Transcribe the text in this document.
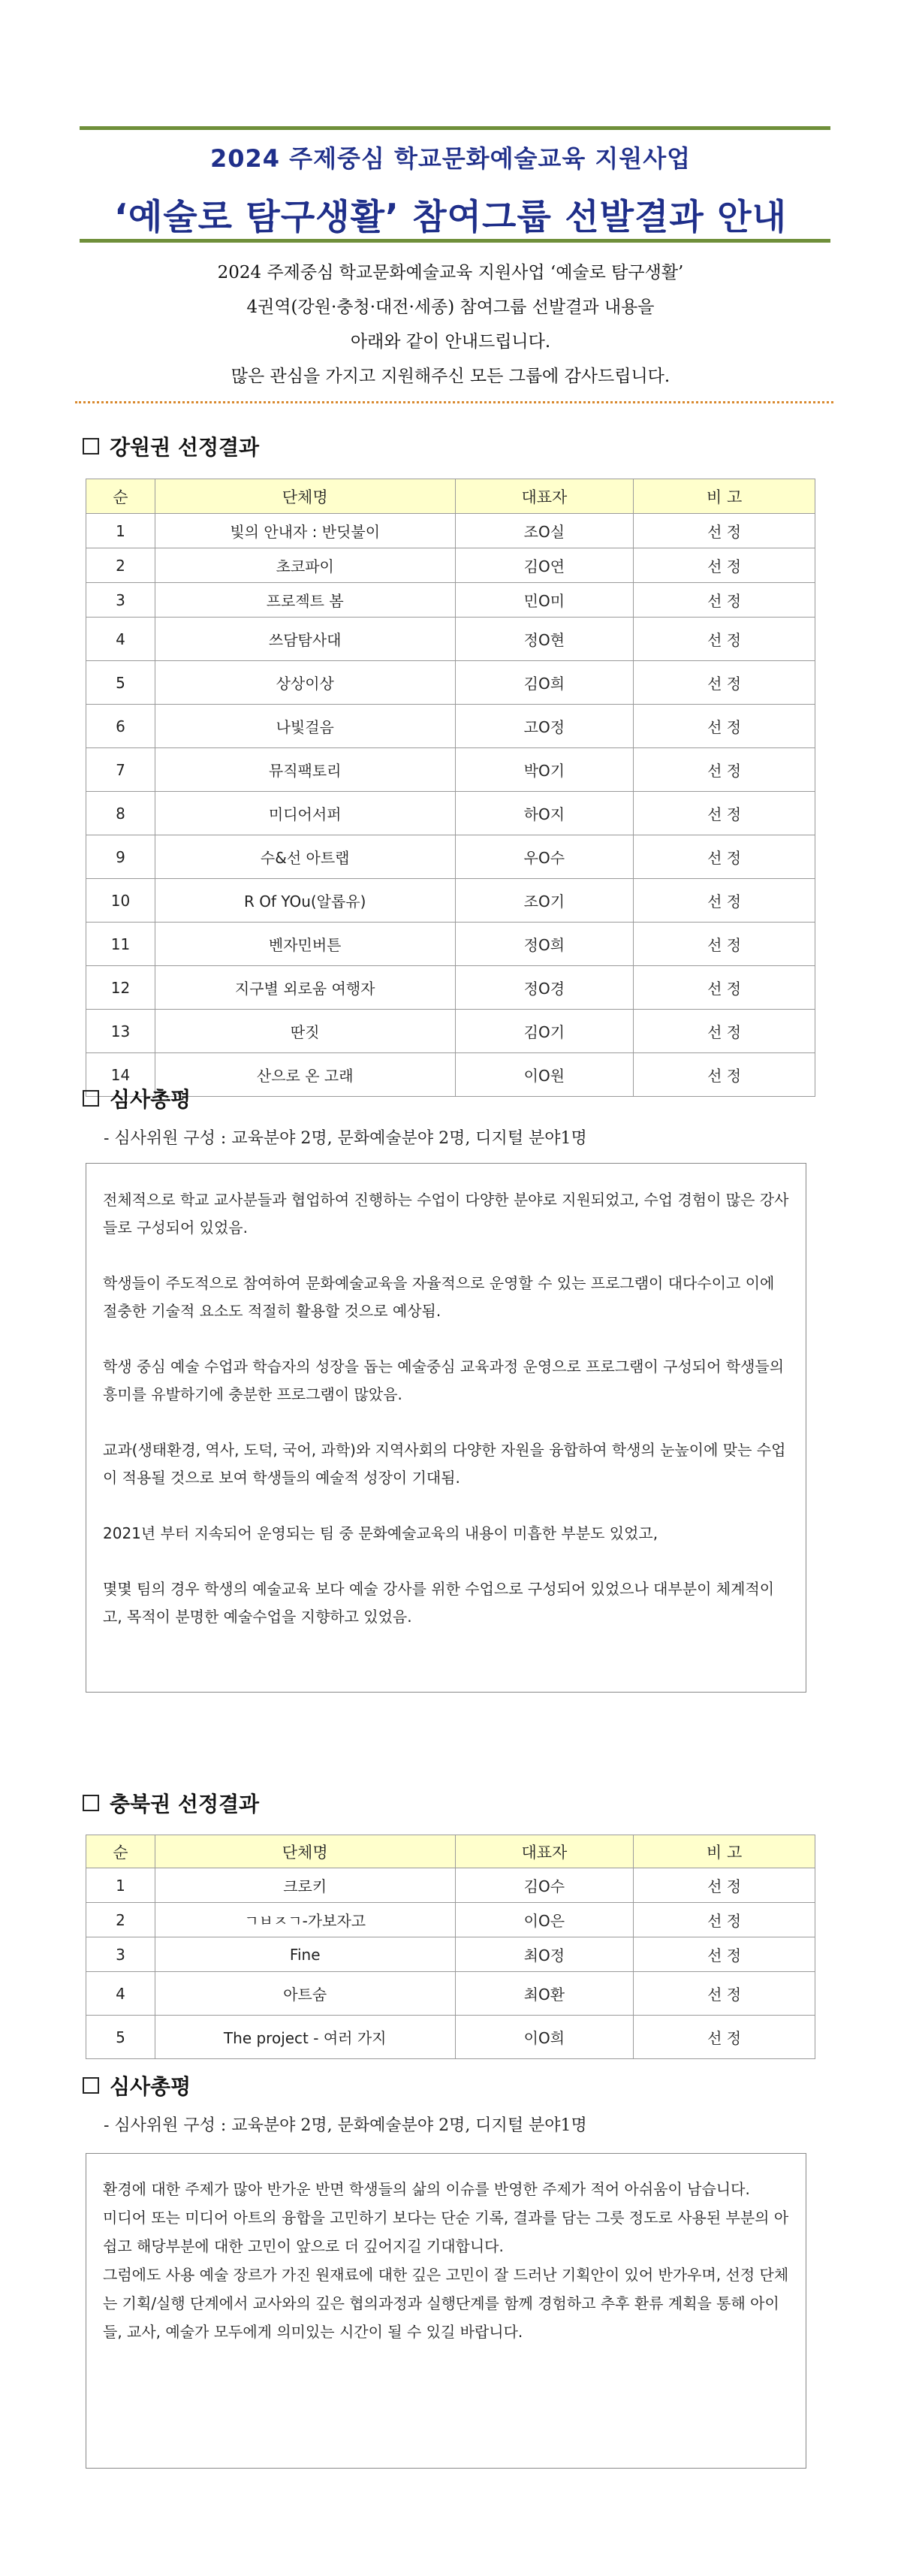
2024 주제중심 학교문화예술교육 지원사업
‘예술로 탐구생활’ 참여그룹 선발결과 안내
2024 주제중심 학교문화예술교육 지원사업 ‘예술로 탐구생활’
4권역(강원·충청·대전·세종) 참여그룹 선발결과 내용을
아래와 같이 안내드립니다.
많은 관심을 가지고 지원해주신 모든 그룹에 감사드립니다.
강원권 선정결과
순	단체명	대표자	비 고
1	빛의 안내자 : 반딧불이	조O실	선 정
2	초코파이	김O연	선 정
3	프로젝트 봄	민O미	선 정
4	쓰담탐사대	정O현	선 정
5	상상이상	김O희	선 정
6	나빛걸음	고O정	선 정
7	뮤직팩토리	박O기	선 정
8	미디어서퍼	하O지	선 정
9	수&선 아트랩	우O수	선 정
10	R Of YOu(알롭유)	조O기	선 정
11	벤자민버튼	정O희	선 정
12	지구별 외로움 여행자	정O경	선 정
13	딴짓	김O기	선 정
14	산으로 온 고래	이O원	선 정
심사총평
- 심사위원 구성 : 교육분야 2명, 문화예술분야 2명, 디지털 분야1명

전체적으로 학교 교사분들과 협업하여 진행하는 수업이 다양한 분야로 지원되었고, 수업 경험이 많은 강사들로 구성되어 있었음.

학생들이 주도적으로 참여하여 문화예술교육을 자율적으로 운영할 수 있는 프로그램이 대다수이고 이에 절충한 기술적 요소도 적절히 활용할 것으로 예상됨.

학생 중심 예술 수업과 학습자의 성장을 돕는 예술중심 교육과정 운영으로 프로그램이 구성되어 학생들의 흥미를 유발하기에 충분한 프로그램이 많았음.

교과(생태환경, 역사, 도덕, 국어, 과학)와 지역사회의 다양한 자원을 융합하여 학생의 눈높이에 맞는 수업이 적용될 것으로 보여 학생들의 예술적 성장이 기대됨.

2021년 부터 지속되어 운영되는 팀 중 문화예술교육의 내용이 미흡한 부분도 있었고,

몇몇 팀의 경우 학생의 예술교육 보다 예술 강사를 위한 수업으로 구성되어 있었으나 대부분이 체계적이고, 목적이 분명한 예술수업을 지향하고 있었음.

충북권 선정결과
순	단체명	대표자	비 고
1	크로키	김O수	선 정
2	ㄱㅂㅈㄱ-가보자고	이O은	선 정
3	Fine	최O정	선 정
4	아트숨	최O환	선 정
5	The project - 여러 가지	이O희	선 정
심사총평
- 심사위원 구성 : 교육분야 2명, 문화예술분야 2명, 디지털 분야1명

환경에 대한 주제가 많아 반가운 반면 학생들의 삶의 이슈를 반영한 주제가 적어 아쉬움이 남습니다.

미디어 또는 미디어 아트의 융합을 고민하기 보다는 단순 기록, 결과를 담는 그릇 정도로 사용된 부분의 아쉽고 해당부분에 대한 고민이 앞으로 더 깊어지길 기대합니다.

그럼에도 사용 예술 장르가 가진 원재료에 대한 깊은 고민이 잘 드러난 기획안이 있어 반가우며, 선정 단체는 기획/실행 단계에서 교사와의 깊은 협의과정과 실행단계를 함께 경험하고 추후 환류 계획을 통해 아이들, 교사, 예술가 모두에게 의미있는 시간이 될 수 있길 바랍니다.
